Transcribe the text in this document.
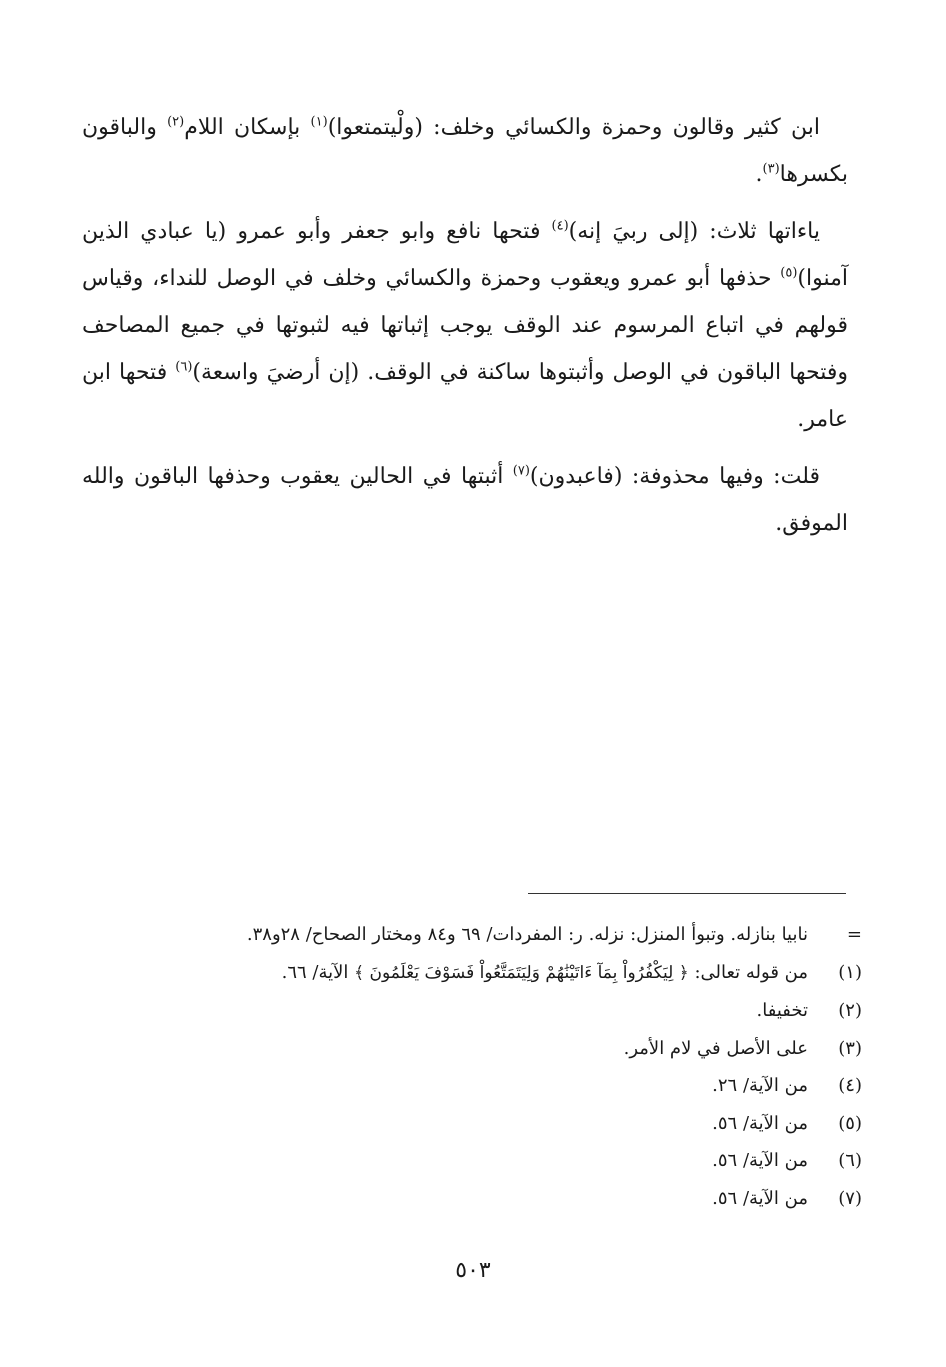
ابن كثير وقالون وحمزة والكسائي وخلف: (ولْيتمتعوا)$^{(١)}$ بإسكان اللام$^{(٢)}$ والباقون بكسرها$^{(٣)}$.

ياءاتها ثلاث: (إلى ربيَ إنه)$^{(٤)}$ فتحها نافع وابو جعفر وأبو عمرو (يا عبادي الذين آمنوا)$^{(٥)}$ حذفها أبو عمرو ويعقوب وحمزة والكسائي وخلف في الوصل للنداء، وقياس قولهم في اتباع المرسوم عند الوقف يوجب إثباتها فيه لثبوتها في جميع المصاحف وفتحها الباقون في الوصل وأثبتوها ساكنة في الوقف. (إن أرضيَ واسعة)$^{(٦)}$ فتحها ابن عامر.

قلت: وفيها محذوفة: (فاعبدون)$^{(٧)}$ أثبتها في الحالين يعقوب وحذفها الباقون والله الموفق.

=
نابيا بنازله. وتبوأ المنزل: نزله. ر: المفردات/ ٦٩ و٨٤ ومختار الصحاح/ ٢٨و٣٨.
(١)
من قوله تعالى: ﴿ لِيَكْفُرُواْ بِمَآ ءَاتَيْنَٰهُمْ وَلِيَتَمَتَّعُواْ فَسَوْفَ يَعْلَمُونَ ﴾ الآية/ ٦٦.
(٢)
تخفيفا.
(٣)
على الأصل في لام الأمر.
(٤)
من الآية/ ٢٦.
(٥)
من الآية/ ٥٦.
(٦)
من الآية/ ٥٦.
(٧)
من الآية/ ٥٦.
٥٠٣
